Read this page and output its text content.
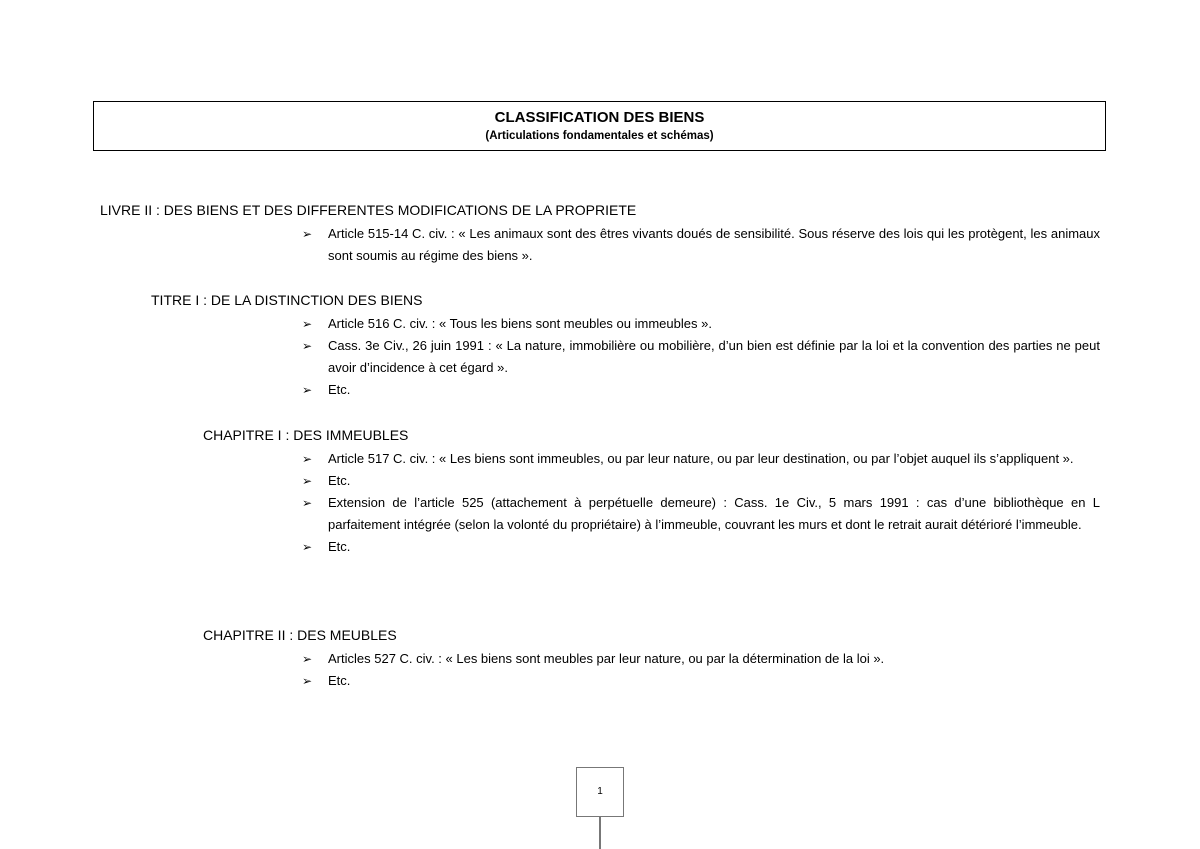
CLASSIFICATION DES BIENS
(Articulations fondamentales et schémas)
LIVRE II : DES BIENS ET DES DIFFERENTES MODIFICATIONS DE LA PROPRIETE
➢ Article 515-14 C. civ. : « Les animaux sont des êtres vivants doués de sensibilité. Sous réserve des lois qui les protègent, les animaux sont soumis au régime des biens ».
TITRE I : DE LA DISTINCTION DES BIENS
➢ Article 516 C. civ. : « Tous les biens sont meubles ou immeubles ».
➢ Cass. 3e Civ., 26 juin 1991 : « La nature, immobilière ou mobilière, d’un bien est définie par la loi et la convention des parties ne peut avoir d’incidence à cet égard ».
➢ Etc.
CHAPITRE I : DES IMMEUBLES
➢ Article 517 C. civ. : « Les biens sont immeubles, ou par leur nature, ou par leur destination, ou par l’objet auquel ils s’appliquent ».
➢ Etc.
➢ Extension de l’article 525 (attachement à perpétuelle demeure) : Cass. 1e Civ., 5 mars 1991 : cas d’une bibliothèque en L parfaitement intégrée (selon la volonté du propriétaire) à l’immeuble, couvrant les murs et dont le retrait aurait détérioré l’immeuble.
➢ Etc.
CHAPITRE II : DES MEUBLES
➢ Articles 527 C. civ. : « Les biens sont meubles par leur nature, ou par la détermination de la loi ».
➢ Etc.
1
